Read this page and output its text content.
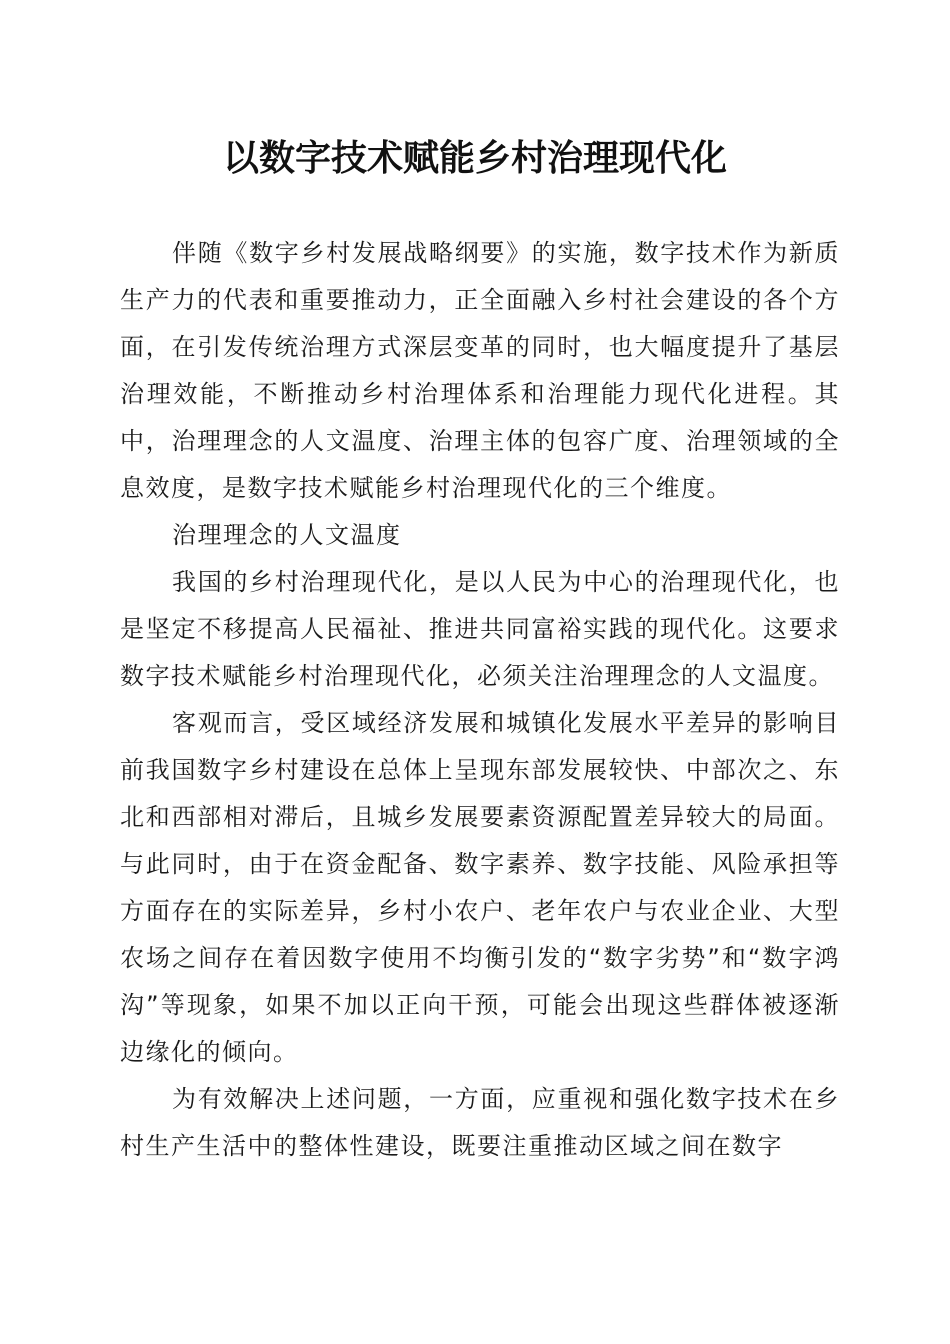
以数字技术赋能乡村治理现代化

伴随《数字乡村发展战略纲要》的实施，数字技术作为新质生产力的代表和重要推动力，正全面融入乡村社会建设的各个方面，在引发传统治理方式深层变革的同时，也大幅度提升了基层治理效能，不断推动乡村治理体系和治理能力现代化进程。其中，治理理念的人文温度、治理主体的包容广度、治理领域的全息效度，是数字技术赋能乡村治理现代化的三个维度。

治理理念的人文温度

我国的乡村治理现代化，是以人民为中心的治理现代化，也是坚定不移提高人民福祉、推进共同富裕实践的现代化。这要求数字技术赋能乡村治理现代化，必须关注治理理念的人文温度。

客观而言，受区域经济发展和城镇化发展水平差异的影响目前我国数字乡村建设在总体上呈现东部发展较快、中部次之、东北和西部相对滞后，且城乡发展要素资源配置差异较大的局面。与此同时，由于在资金配备、数字素养、数字技能、风险承担等方面存在的实际差异，乡村小农户、老年农户与农业企业、大型农场之间存在着因数字使用不均衡引发的“数字劣势”和“数字鸿沟”等现象，如果不加以正向干预，可能会出现这些群体被逐渐边缘化的倾向。

为有效解决上述问题，一方面，应重视和强化数字技术在乡村生产生活中的整体性建设，既要注重推动区域之间在数字
